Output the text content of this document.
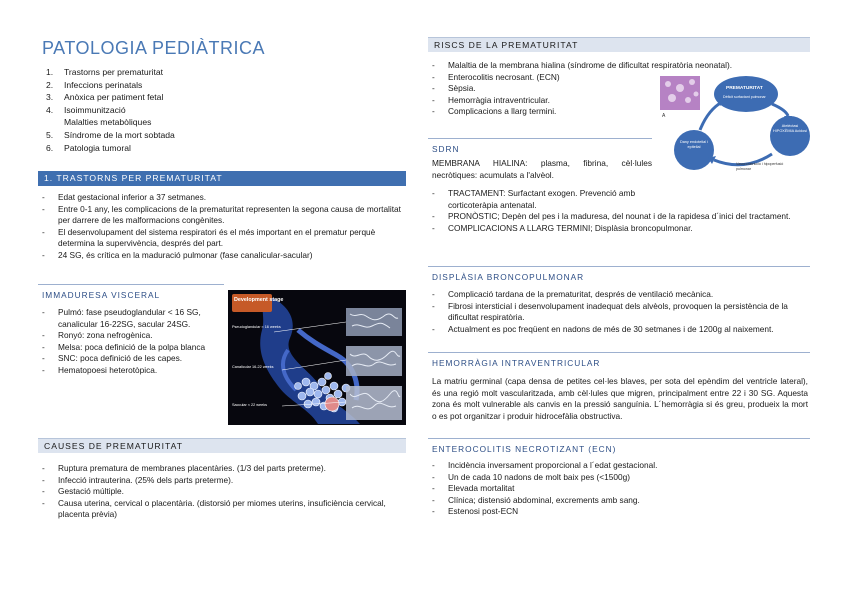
PATOLOGIA PEDIÀTRICA
1.	Trastorns per prematuritat
2.	Infeccions perinatals
3.	Anòxica per patiment fetal
4.	Isoimmunització
Malalties metabòliques
5.	Síndrome de la mort sobtada
6.	Patologia tumoral
1. TRASTORNS PER PREMATURITAT
- Edat gestacional inferior a 37 setmanes.
- Entre 0-1 any, les complicacions de la prematuritat representen la segona causa de mortalitat per darrere de les malformacions congènites.
- El desenvolupament del sistema respiratori és el més important en el prematur perquè determina la supervivència, després del part.
- 24 SG, és crítica en la maduració pulmonar (fase canalicular-sacular)
IMMADURESA VISCERAL
- Pulmó: fase pseudoglandular < 16 SG, canalicular 16-22SG, sacular 24SG.
- Ronyó: zona nefrogènica.
- Melsa: poca definició de la polpa blanca
- SNC: poca definició de les capes.
- Hematopoesi heterotòpica.
Development stage
Pseudoglandular ≈ 16 weeks
Canalicular 16-22 weeks
Saccular ≈ 22 weeks
CAUSES DE PREMATURITAT
- Ruptura prematura de membranes placentàries. (1/3 del parts preterme).
- Infecció intrauterina. (25% dels parts preterme).
- Gestació múltiple.
- Causa uterina, cervical o placentària. (distorsió per miomes uterins, insuficiència cervical, placenta prèvia)
RISCS DE LA PREMATURITAT
- Malaltia de la membrana hialina (síndrome de dificultat respiratòria neonatal).
- Enterocolitis necrosant. (ECN)
- Sèpsia.
- Hemorràgia intraventricular.
- Complicacions a llarg termini.	A
PREMATURITAT
Dèficit surfactant pulmonar
Atelèctasi HIPOXÈMIA Acidosi
Dany endotelial i epitelial
Vasoconstricció i hipoperfusió pulmonar
SDRN
MEMBRANA HIALINA: plasma, fibrina, cèl·lules necròtiques: acumulats a l'alvèol.
- TRACTAMENT: Surfactant exogen. Prevenció amb corticoteràpia antenatal.
- PRONÒSTIC; Depèn del pes i la maduresa, del nounat i de la rapidesa d´inici del tractament.
- COMPLICACIONS A LLARG TERMINI; Displàsia broncopulmonar.
DISPLÀSIA BRONCOPULMONAR
- Complicació tardana de la prematuritat, després de ventilació mecànica.
- Fibrosi intersticial i desenvolupament inadequat dels alvèols, provoquen la persistència de la dificultat respiratòria.
- Actualment es poc freqüent en nadons de més de 30 setmanes i de 1200g al naixement.
HEMORRÀGIA INTRAVENTRICULAR
La matriu germinal (capa densa de petites cel·les blaves, per sota del epèndim del ventricle lateral), és una regió molt vascularitzada, amb cèl·lules que migren, principalment entre 22 i 30 SG. Aquesta zona és molt vulnerable als canvis en la pressió sanguínia. L´hemorràgia si és greu, produeix la mort o es pot organitzar i produir hidrocefàlia obstructiva.
ENTEROCOLITIS NECROTIZANT (ECN)
- Incidència inversament proporcional a l´edat gestacional.
- Un de cada 10 nadons de molt baix pes (<1500g)
- Elevada mortalitat
- Clínica; distensió abdominal, excrements amb sang.
- Estenosi post-ECN
